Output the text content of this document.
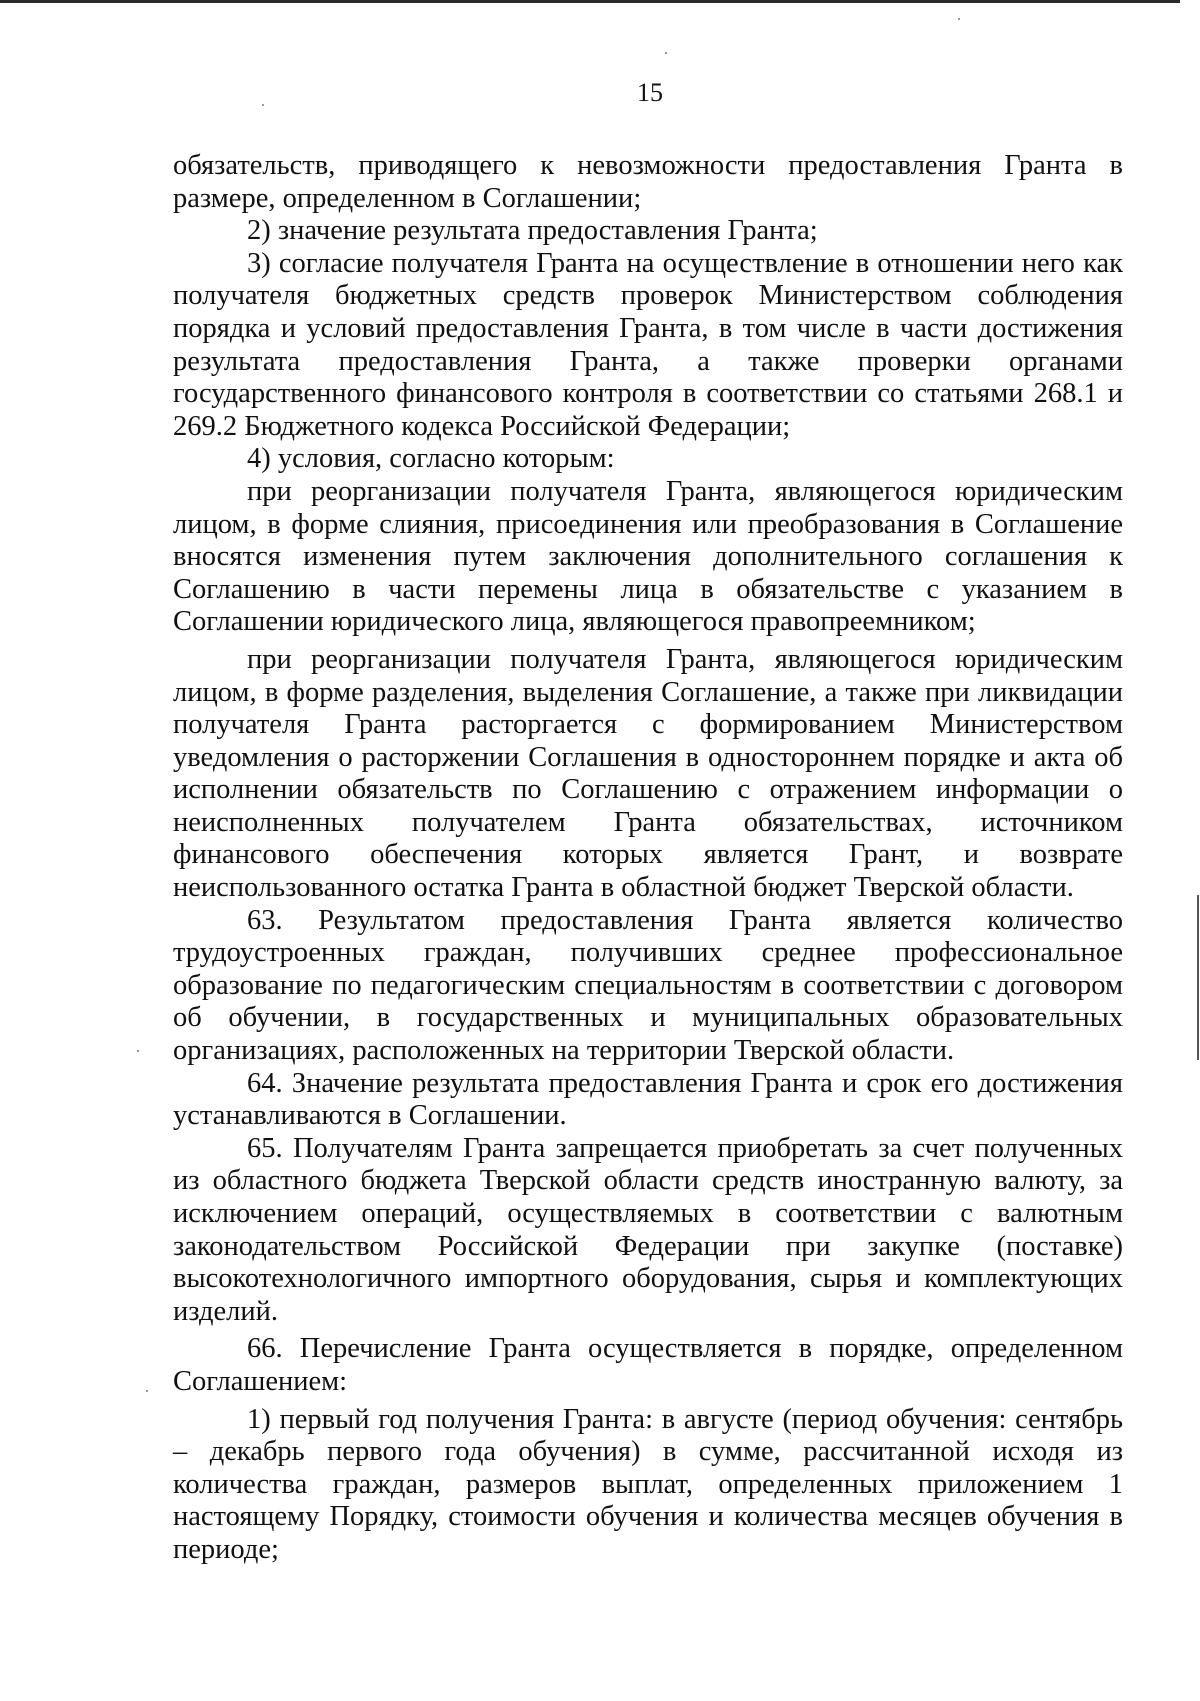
15

обязательств, приводящего к невозможности предоставления Гранта в размере, определенном в Соглашении;

2) значение результата предоставления Гранта;

3) согласие получателя Гранта на осуществление в отношении него как получателя бюджетных средств проверок Министерством соблюдения порядка и условий предоставления Гранта, в том числе в части достижения результата предоставления Гранта, а также проверки органами государственного финансового контроля в соответствии со статьями 268.1 и 269.2 Бюджетного кодекса Российской Федерации;

4) условия, согласно которым:

при реорганизации получателя Гранта, являющегося юридическим лицом, в форме слияния, присоединения или преобразования в Соглашение вносятся изменения путем заключения дополнительного соглашения к Соглашению в части перемены лица в обязательстве с указанием в Соглашении юридического лица, являющегося правопреемником;

при реорганизации получателя Гранта, являющегося юридическим лицом, в форме разделения, выделения Соглашение, а также при ликвидации получателя Гранта расторгается с формированием Министерством уведомления о расторжении Соглашения в одностороннем порядке и акта об исполнении обязательств по Соглашению с отражением информации о неисполненных получателем Гранта обязательствах, источником финансового обеспечения которых является Грант, и возврате неиспользованного остатка Гранта в областной бюджет Тверской области.

63. Результатом предоставления Гранта является количество трудоустроенных граждан, получивших среднее профессиональное образование по педагогическим специальностям в соответствии с договором об обучении, в государственных и муниципальных образовательных организациях, расположенных на территории Тверской области.

64. Значение результата предоставления Гранта и срок его достижения устанавливаются в Соглашении.

65. Получателям Гранта запрещается приобретать за счет полученных из областного бюджета Тверской области средств иностранную валюту, за исключением операций, осуществляемых в соответствии с валютным законодательством Российской Федерации при закупке (поставке) высокотехнологичного импортного оборудования, сырья и комплектующих изделий.

66. Перечисление Гранта осуществляется в порядке, определенном Соглашением:

1) первый год получения Гранта: в августе (период обучения: сентябрь – декабрь первого года обучения) в сумме, рассчитанной исходя из количества граждан, размеров выплат, определенных приложением 1 настоящему Порядку, стоимости обучения и количества месяцев обучения в периоде;
